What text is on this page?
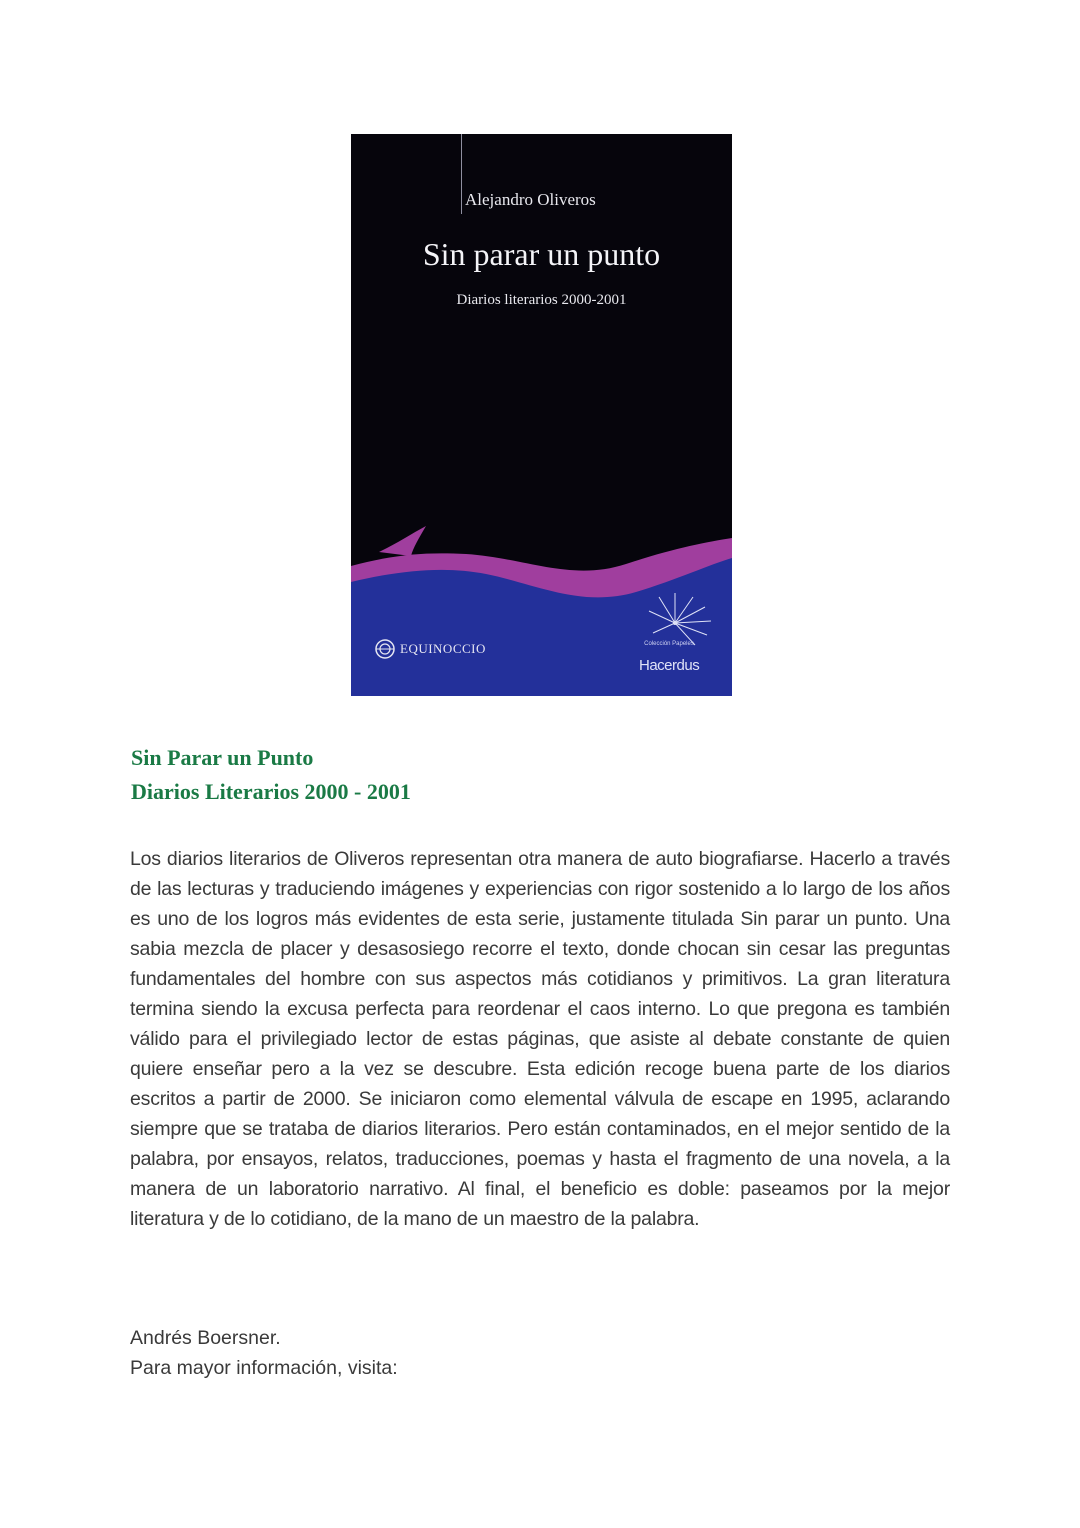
Alejandro Oliveros
Sin parar un punto
Diarios literarios 2000-2001
EQUINOCCIO	Colección Papeles
Hacerdus
Sin Parar un Punto
Diarios Literarios 2000 - 2001

Los diarios literarios de Oliveros representan otra manera de auto biografiarse. Hacerlo a través de las lecturas y traduciendo imágenes y experiencias con rigor sostenido a lo largo de los años es uno de los logros más evidentes de esta serie, justamente titulada Sin parar un punto. Una sabia mezcla de placer y desasosiego recorre el texto, donde chocan sin cesar las preguntas fundamentales del hombre con sus aspectos más cotidianos y primitivos. La gran literatura termina siendo la excusa perfecta para reordenar el caos interno. Lo que pregona es también válido para el privilegiado lector de estas páginas, que asiste al debate constante de quien quiere enseñar pero a la vez se descubre. Esta edición recoge buena parte de los diarios escritos a partir de 2000. Se iniciaron como elemental válvula de escape en 1995, aclarando siempre que se trataba de diarios literarios. Pero están contaminados, en el mejor sentido de la palabra, por ensayos, relatos, traducciones, poemas y hasta el fragmento de una novela, a la manera de un laboratorio narrativo. Al final, el beneficio es doble: paseamos por la mejor literatura y de lo cotidiano, de la mano de un maestro de la palabra.

Andrés Boersner.
Para mayor información, visita:
